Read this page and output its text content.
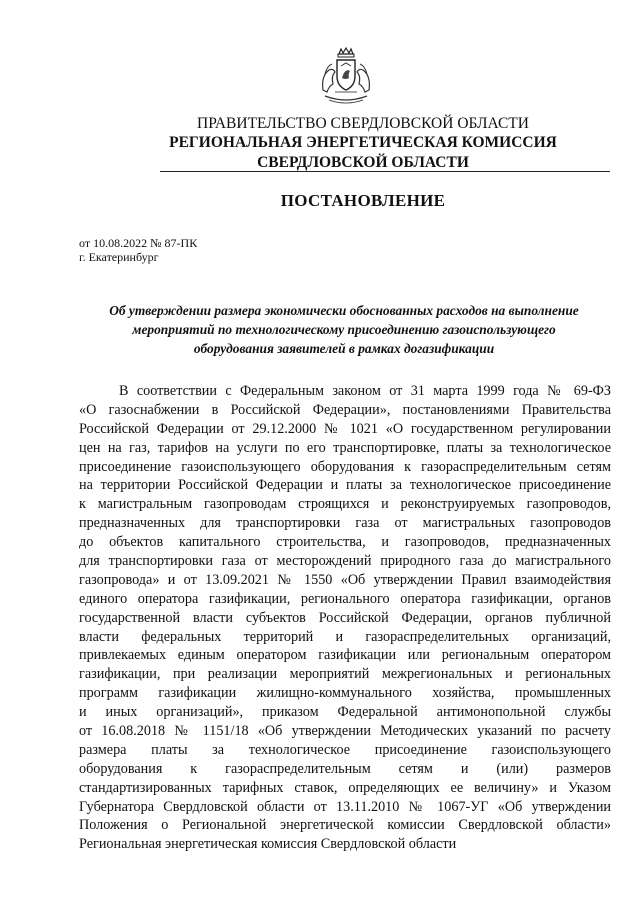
ПРАВИТЕЛЬСТВО СВЕРДЛОВСКОЙ ОБЛАСТИ
РЕГИОНАЛЬНАЯ ЭНЕРГЕТИЧЕСКАЯ КОМИССИЯ
СВЕРДЛОВСКОЙ ОБЛАСТИ
ПОСТАНОВЛЕНИЕ
от 10.08.2022 № 87-ПК
г. Екатеринбург
Об утверждении размера экономически обоснованных расходов на выполнение
мероприятий по технологическому присоединению газоиспользующего
оборудования заявителей в рамках догазификации
В соответствии с Федеральным законом от 31 марта 1999 года № 69-ФЗ
«О газоснабжении в Российской Федерации», постановлениями Правительства
Российской Федерации от 29.12.2000 № 1021 «О государственном регулировании
цен на газ, тарифов на услуги по его транспортировке, платы за технологическое
присоединение газоиспользующего оборудования к газораспределительным сетям
на территории Российской Федерации и платы за технологическое присоединение
к магистральным газопроводам строящихся и реконструируемых газопроводов,
предназначенных для транспортировки газа от магистральных газопроводов
до объектов капитального строительства, и газопроводов, предназначенных
для транспортировки газа от месторождений природного газа до магистрального
газопровода» и от 13.09.2021 № 1550 «Об утверждении Правил взаимодействия
единого оператора газификации, регионального оператора газификации, органов
государственной власти субъектов Российской Федерации, органов публичной
власти федеральных территорий и газораспределительных организаций,
привлекаемых единым оператором газификации или региональным оператором
газификации, при реализации мероприятий межрегиональных и региональных
программ газификации жилищно-коммунального хозяйства, промышленных
и иных организаций», приказом Федеральной антимонопольной службы
от 16.08.2018 № 1151/18 «Об утверждении Методических указаний по расчету
размера платы за технологическое присоединение газоиспользующего
оборудования к газораспределительным сетям и (или) размеров
стандартизированных тарифных ставок, определяющих ее величину» и Указом
Губернатора Свердловской области от 13.11.2010 № 1067-УГ «Об утверждении
Положения о Региональной энергетической комиссии Свердловской области»
Региональная энергетическая комиссия Свердловской области
